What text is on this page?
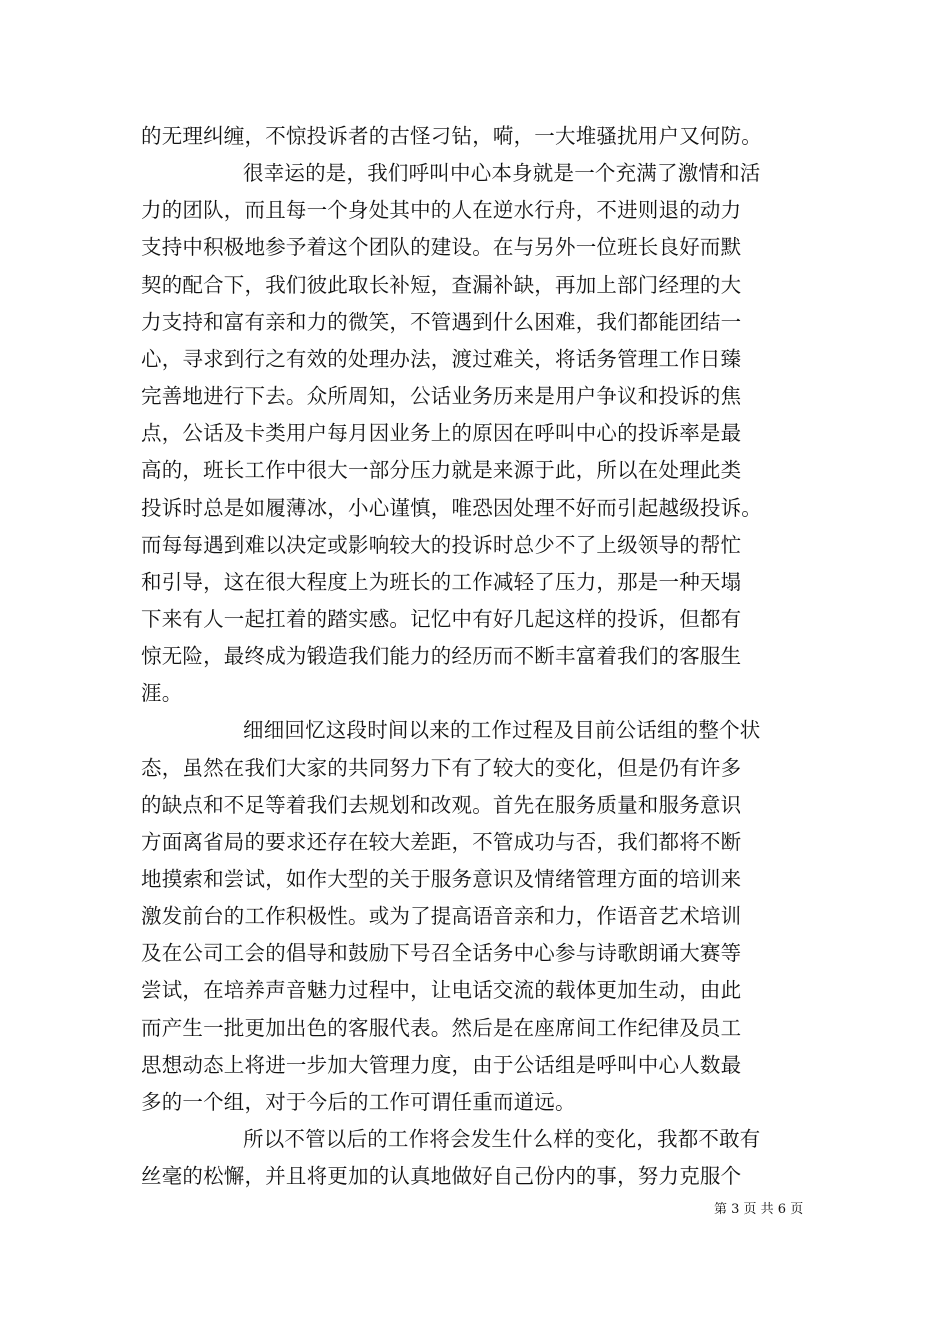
的无理纠缠，不惊投诉者的古怪刁钻，嗬，一大堆骚扰用户又何防。
很幸运的是，我们呼叫中心本身就是一个充满了激情和活
力的团队，而且每一个身处其中的人在逆水行舟，不进则退的动力
支持中积极地参予着这个团队的建设。在与另外一位班长良好而默
契的配合下，我们彼此取长补短，查漏补缺，再加上部门经理的大
力支持和富有亲和力的微笑，不管遇到什么困难，我们都能团结一
心，寻求到行之有效的处理办法，渡过难关，将话务管理工作日臻
完善地进行下去。众所周知，公话业务历来是用户争议和投诉的焦
点，公话及卡类用户每月因业务上的原因在呼叫中心的投诉率是最
高的，班长工作中很大一部分压力就是来源于此，所以在处理此类
投诉时总是如履薄冰，小心谨慎，唯恐因处理不好而引起越级投诉。
而每每遇到难以决定或影响较大的投诉时总少不了上级领导的帮忙
和引导，这在很大程度上为班长的工作减轻了压力，那是一种天塌
下来有人一起扛着的踏实感。记忆中有好几起这样的投诉，但都有
惊无险，最终成为锻造我们能力的经历而不断丰富着我们的客服生
涯。
细细回忆这段时间以来的工作过程及目前公话组的整个状
态，虽然在我们大家的共同努力下有了较大的变化，但是仍有许多
的缺点和不足等着我们去规划和改观。首先在服务质量和服务意识
方面离省局的要求还存在较大差距，不管成功与否，我们都将不断
地摸索和尝试，如作大型的关于服务意识及情绪管理方面的培训来
激发前台的工作积极性。或为了提高语音亲和力，作语音艺术培训
及在公司工会的倡导和鼓励下号召全话务中心参与诗歌朗诵大赛等
尝试，在培养声音魅力过程中，让电话交流的载体更加生动，由此
而产生一批更加出色的客服代表。然后是在座席间工作纪律及员工
思想动态上将进一步加大管理力度，由于公话组是呼叫中心人数最
多的一个组，对于今后的工作可谓任重而道远。
所以不管以后的工作将会发生什么样的变化，我都不敢有
丝毫的松懈，并且将更加的认真地做好自己份内的事，努力克服个
第 3 页 共 6 页
